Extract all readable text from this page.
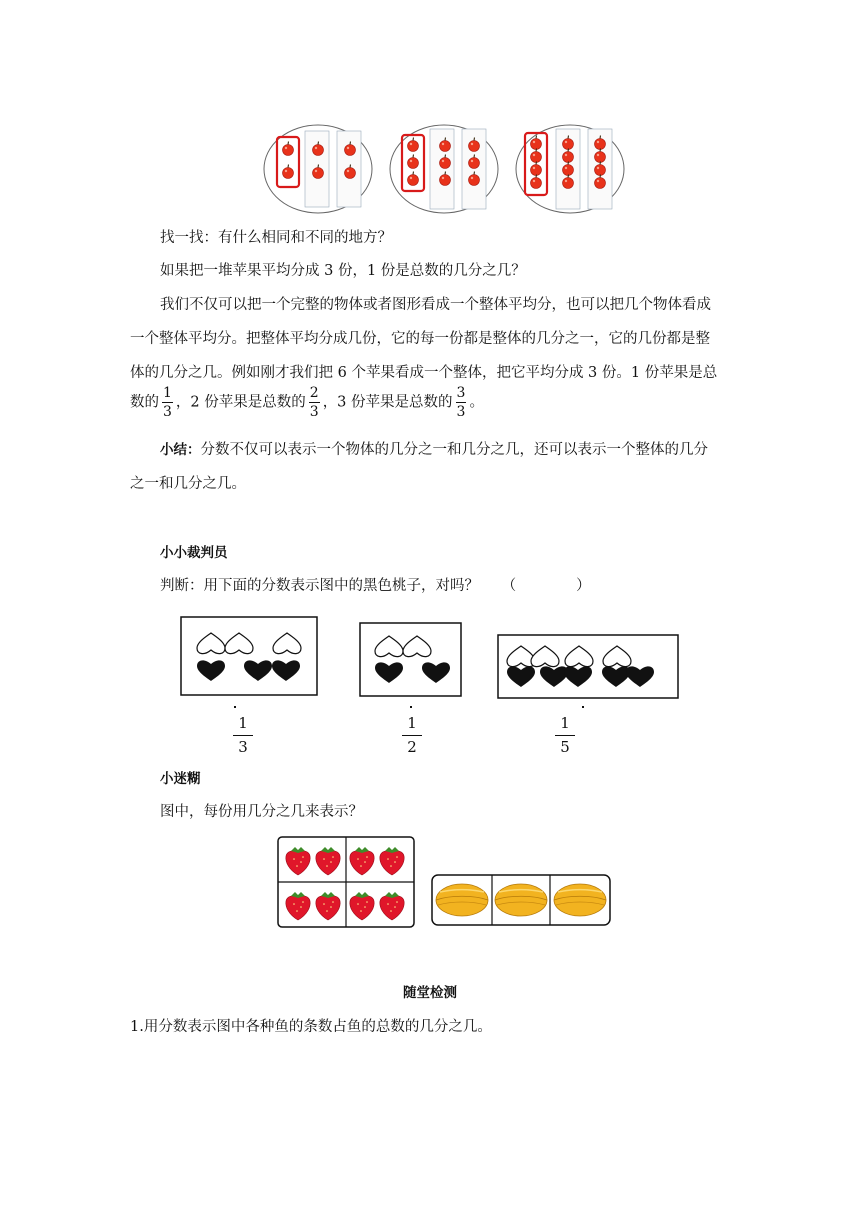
找一找：有什么相同和不同的地方？
如果把一堆苹果平均分成 3 份，1 份是总数的几分之几？
我们不仅可以把一个完整的物体或者图形看成一个整体平均分，也可以把几个物体看成
一个整体平均分。把整体平均分成几份，它的每一份都是整体的几分之一，它的几份都是整
体的几分之几。例如刚才我们把 6 个苹果看成一个整体，把它平均分成 3 份。1 份苹果是总
数的 $\frac{1}{3}$ ，2 份苹果是总数的 $\frac{2}{3}$ ，3 份苹果是总数的 $\frac{3}{3}$ 。
小结：分数不仅可以表示一个物体的几分之一和几分之几，还可以表示一个整体的几分
之一和几分之几。
小小裁判员
判断：用下面的分数表示图中的黑色桃子，对吗？ （	）
1
3
1
2
1
5
小迷糊
图中，每份用几分之几来表示？
随堂检测
1.用分数表示图中各种鱼的条数占鱼的总数的几分之几。
